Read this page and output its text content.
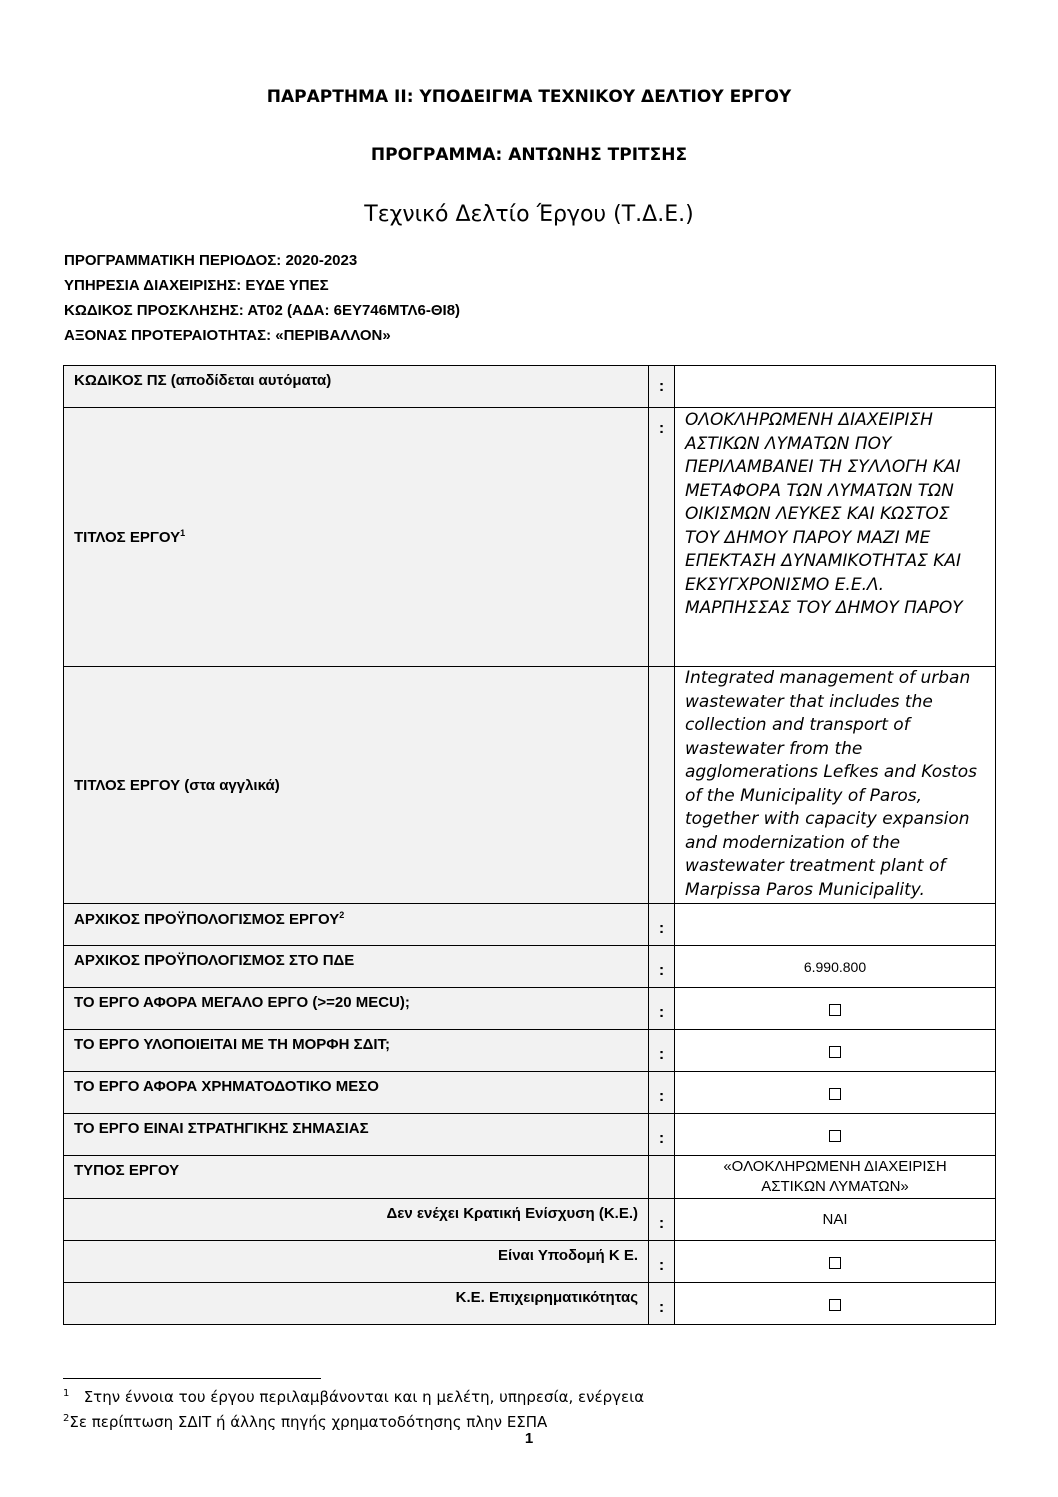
ΠΑΡΑΡΤΗΜΑ ΙΙ: ΥΠΟΔΕΙΓΜΑ ΤΕΧΝΙΚΟΥ ΔΕΛΤΙΟΥ ΕΡΓΟΥ
ΠΡΟΓΡΑΜΜΑ: ΑΝΤΩΝΗΣ ΤΡΙΤΣΗΣ
Τεχνικό Δελτίο Έργου (Τ.Δ.Ε.)
ΠΡΟΓΡΑΜΜΑΤΙΚΗ ΠΕΡΙΟΔΟΣ: 2020-2023
ΥΠΗΡΕΣΙΑ ΔΙΑΧΕΙΡΙΣΗΣ: ΕΥΔΕ ΥΠΕΣ
ΚΩΔΙΚΟΣ ΠΡΟΣΚΛΗΣΗΣ: ΑΤ02 (ΑΔΑ: 6ΕΥ746ΜΤΛ6-ΘΙ8)
ΑΞΟΝΑΣ ΠΡΟΤΕΡΑΙΟΤΗΤΑΣ: «ΠΕΡΙΒΑΛΛΟΝ»
ΚΩΔΙΚΟΣ ΠΣ (αποδίδεται αυτόματα)	:	
ΤΙΤΛΟΣ ΕΡΓΟΥ$^1$	:	ΟΛΟΚΛΗΡΩΜΕΝΗ ΔΙΑΧΕΙΡΙΣΗ ΑΣΤΙΚΩΝ ΛΥΜΑΤΩΝ ΠΟΥ ΠΕΡΙΛΑΜΒΑΝΕΙ ΤΗ ΣΥΛΛΟΓΗ ΚΑΙ ΜΕΤΑΦΟΡΑ ΤΩΝ ΛΥΜΑΤΩΝ ΤΩΝ ΟΙΚΙΣΜΩΝ ΛΕΥΚΕΣ ΚΑΙ ΚΩΣΤΟΣ ΤΟΥ ΔΗΜΟΥ ΠΑΡΟΥ ΜΑΖΙ ΜΕ ΕΠΕΚΤΑΣΗ ΔΥΝΑΜΙΚΟΤΗΤΑΣ ΚΑΙ ΕΚΣΥΓΧΡΟΝΙΣΜΟ Ε.Ε.Λ. ΜΑΡΠΗΣΣΑΣ ΤΟΥ ΔΗΜΟΥ ΠΑΡΟΥ
ΤΙΤΛΟΣ ΕΡΓΟΥ (στα αγγλικά)		Integrated management of urban wastewater that includes the collection and transport of wastewater from the agglomerations Lefkes and Kostos of the Municipality of Paros, together with capacity expansion and modernization of the wastewater treatment plant of Marpissa Paros Municipality.
ΑΡΧΙΚΟΣ ΠΡΟΫΠΟΛΟΓΙΣΜΟΣ ΕΡΓΟΥ$^2$	:	
ΑΡΧΙΚΟΣ ΠΡΟΫΠΟΛΟΓΙΣΜΟΣ ΣΤΟ ΠΔΕ	:	6.990.800
ΤΟ ΕΡΓΟ ΑΦΟΡΑ ΜΕΓΑΛΟ ΕΡΓΟ (>=20 MECU);	:	
ΤΟ ΕΡΓΟ ΥΛΟΠΟΙΕΙΤΑΙ ΜΕ ΤΗ ΜΟΡΦΗ ΣΔΙΤ;	:	
ΤΟ ΕΡΓΟ ΑΦΟΡΑ ΧΡΗΜΑΤΟΔΟΤΙΚΟ ΜΕΣΟ	:	
ΤΟ ΕΡΓΟ ΕΙΝΑΙ ΣΤΡΑΤΗΓΙΚΗΣ ΣΗΜΑΣΙΑΣ	:	
ΤΥΠΟΣ ΕΡΓΟΥ		«ΟΛΟΚΛΗΡΩΜΕΝΗ ΔΙΑΧΕΙΡΙΣΗ ΑΣΤΙΚΩΝ ΛΥΜΑΤΩΝ»
Δεν ενέχει Κρατική Ενίσχυση (Κ.Ε.)	:	ΝΑΙ
Είναι Υποδομή Κ Ε.	:	
Κ.Ε. Επιχειρηματικότητας	:	
$^1$ Στην έννοια του έργου περιλαμβάνονται και η μελέτη, υπηρεσία, ενέργεια
$^2$Σε περίπτωση ΣΔΙΤ ή άλλης πηγής χρηματοδότησης πλην ΕΣΠΑ
1
